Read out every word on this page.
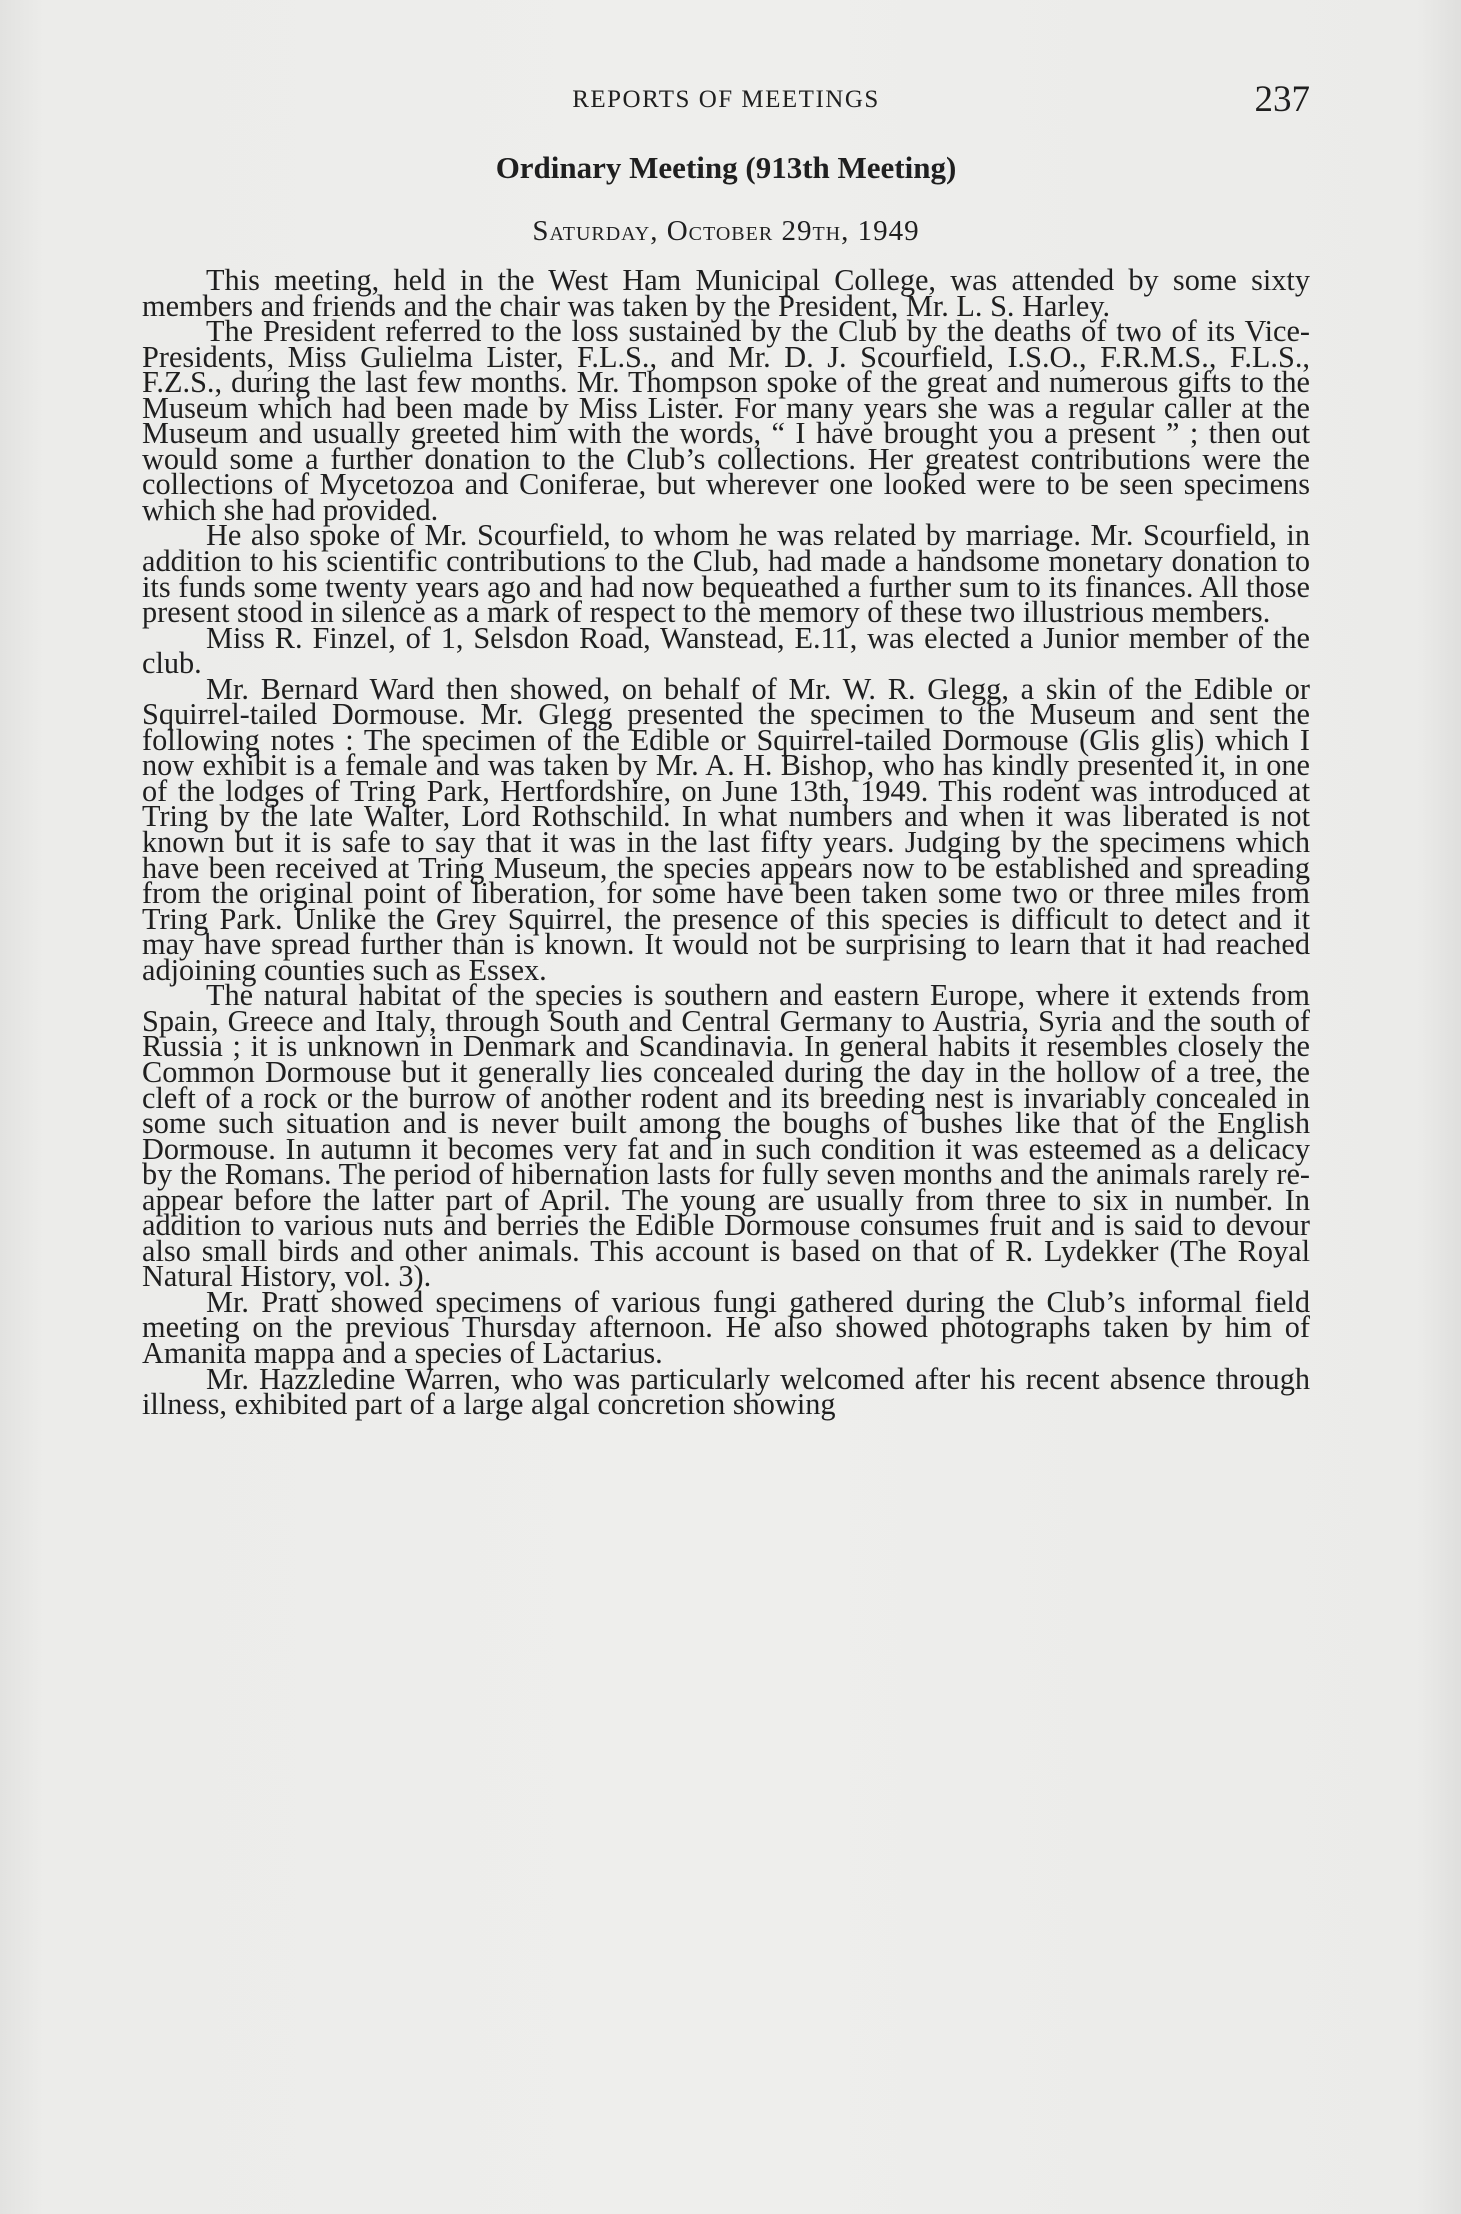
REPORTS OF MEETINGS	237
Ordinary Meeting (913th Meeting)
Saturday, October 29th, 1949

This meeting, held in the West Ham Municipal College, was attended by some sixty members and friends and the chair was taken by the President, Mr. L. S. Harley.

The President referred to the loss sustained by the Club by the deaths of two of its Vice-Presidents, Miss Gulielma Lister, F.L.S., and Mr. D. J. Scourfield, I.S.O., F.R.M.S., F.L.S., F.Z.S., during the last few months. Mr. Thompson spoke of the great and numerous gifts to the Museum which had been made by Miss Lister. For many years she was a regular caller at the Museum and usually greeted him with the words, “ I have brought you a present ” ; then out would some a further donation to the Club’s collections. Her greatest contributions were the collections of Mycetozoa and Coniferae, but wherever one looked were to be seen specimens which she had provided.

He also spoke of Mr. Scourfield, to whom he was related by marriage. Mr. Scourfield, in addition to his scientific contributions to the Club, had made a handsome monetary donation to its funds some twenty years ago and had now bequeathed a further sum to its finances. All those present stood in silence as a mark of respect to the memory of these two illustrious members.

Miss R. Finzel, of 1, Selsdon Road, Wanstead, E.11, was elected a Junior member of the club.

Mr. Bernard Ward then showed, on behalf of Mr. W. R. Glegg, a skin of the Edible or Squirrel-tailed Dormouse. Mr. Glegg presented the specimen to the Museum and sent the following notes : The specimen of the Edible or Squirrel-tailed Dormouse (Glis glis) which I now exhibit is a female and was taken by Mr. A. H. Bishop, who has kindly presented it, in one of the lodges of Tring Park, Hertfordshire, on June 13th, 1949. This rodent was introduced at Tring by the late Walter, Lord Rothschild. In what numbers and when it was liberated is not known but it is safe to say that it was in the last fifty years. Judging by the specimens which have been received at Tring Museum, the species appears now to be established and spreading from the original point of liberation, for some have been taken some two or three miles from Tring Park. Unlike the Grey Squirrel, the presence of this species is difficult to detect and it may have spread further than is known. It would not be surprising to learn that it had reached adjoining counties such as Essex.

The natural habitat of the species is southern and eastern Europe, where it extends from Spain, Greece and Italy, through South and Central Germany to Austria, Syria and the south of Russia ; it is unknown in Denmark and Scandinavia. In general habits it resembles closely the Common Dormouse but it generally lies concealed during the day in the hollow of a tree, the cleft of a rock or the burrow of another rodent and its breeding nest is invariably concealed in some such situation and is never built among the boughs of bushes like that of the English Dormouse. In autumn it becomes very fat and in such condition it was esteemed as a delicacy by the Romans. The period of hibernation lasts for fully seven months and the animals rarely re-appear before the latter part of April. The young are usually from three to six in number. In addition to various nuts and berries the Edible Dormouse consumes fruit and is said to devour also small birds and other animals. This account is based on that of R. Lydekker (The Royal Natural History, vol. 3).

Mr. Pratt showed specimens of various fungi gathered during the Club’s informal field meeting on the previous Thursday afternoon. He also showed photographs taken by him of Amanita mappa and a species of Lactarius.

Mr. Hazzledine Warren, who was particularly welcomed after his recent absence through illness, exhibited part of a large algal concretion showing
